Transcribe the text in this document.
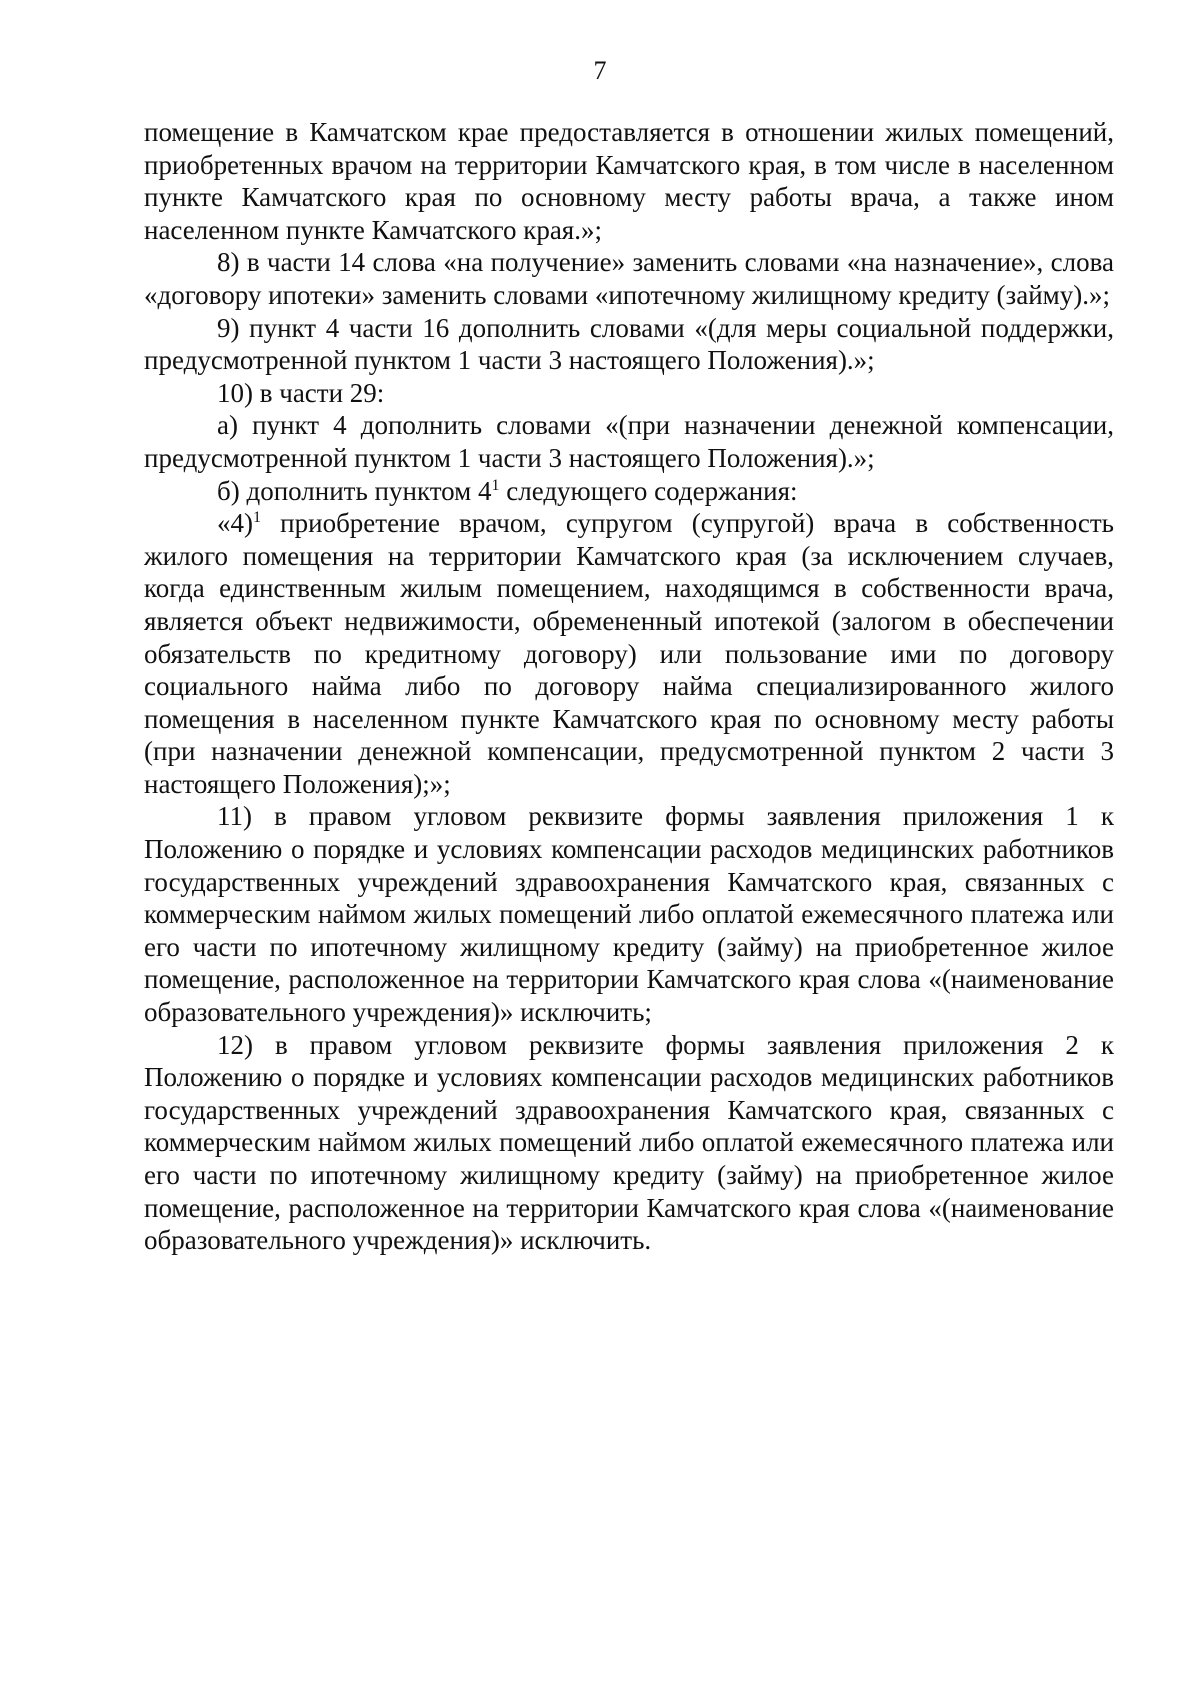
7

помещение в Камчатском крае предоставляется в отношении жилых помещений, приобретенных врачом на территории Камчатского края, в том числе в населенном пункте Камчатского края по основному месту работы врача, а также ином населенном пункте Камчатского края.»;

8) в части 14 слова «на получение» заменить словами «на назначение», слова «договору ипотеки» заменить словами «ипотечному жилищному кредиту (займу).»;

9) пункт 4 части 16 дополнить словами «(для меры социальной поддержки, предусмотренной пунктом 1 части 3 настоящего Положения).»;

10) в части 29:

а) пункт 4 дополнить словами «(при назначении денежной компенсации, предусмотренной пунктом 1 части 3 настоящего Положения).»;

б) дополнить пунктом $4^1$ следующего содержания:

«4)$^1$ приобретение врачом, супругом (супругой) врача в собственность жилого помещения на территории Камчатского края (за исключением случаев, когда единственным жилым помещением, находящимся в собственности врача, является объект недвижимости, обремененный ипотекой (залогом в обеспечении обязательств по кредитному договору) или пользование ими по договору социального найма либо по договору найма специализированного жилого помещения в населенном пункте Камчатского края по основному месту работы (при назначении денежной компенсации, предусмотренной пунктом 2 части 3 настоящего Положения);»;

11) в правом угловом реквизите формы заявления приложения 1 к Положению о порядке и условиях компенсации расходов медицинских работников государственных учреждений здравоохранения Камчатского края, связанных с коммерческим наймом жилых помещений либо оплатой ежемесячного платежа или его части по ипотечному жилищному кредиту (займу) на приобретенное жилое помещение, расположенное на территории Камчатского края слова «(наименование образовательного учреждения)» исключить;

12) в правом угловом реквизите формы заявления приложения 2 к Положению о порядке и условиях компенсации расходов медицинских работников государственных учреждений здравоохранения Камчатского края, связанных с коммерческим наймом жилых помещений либо оплатой ежемесячного платежа или его части по ипотечному жилищному кредиту (займу) на приобретенное жилое помещение, расположенное на территории Камчатского края слова «(наименование образовательного учреждения)» исключить.
